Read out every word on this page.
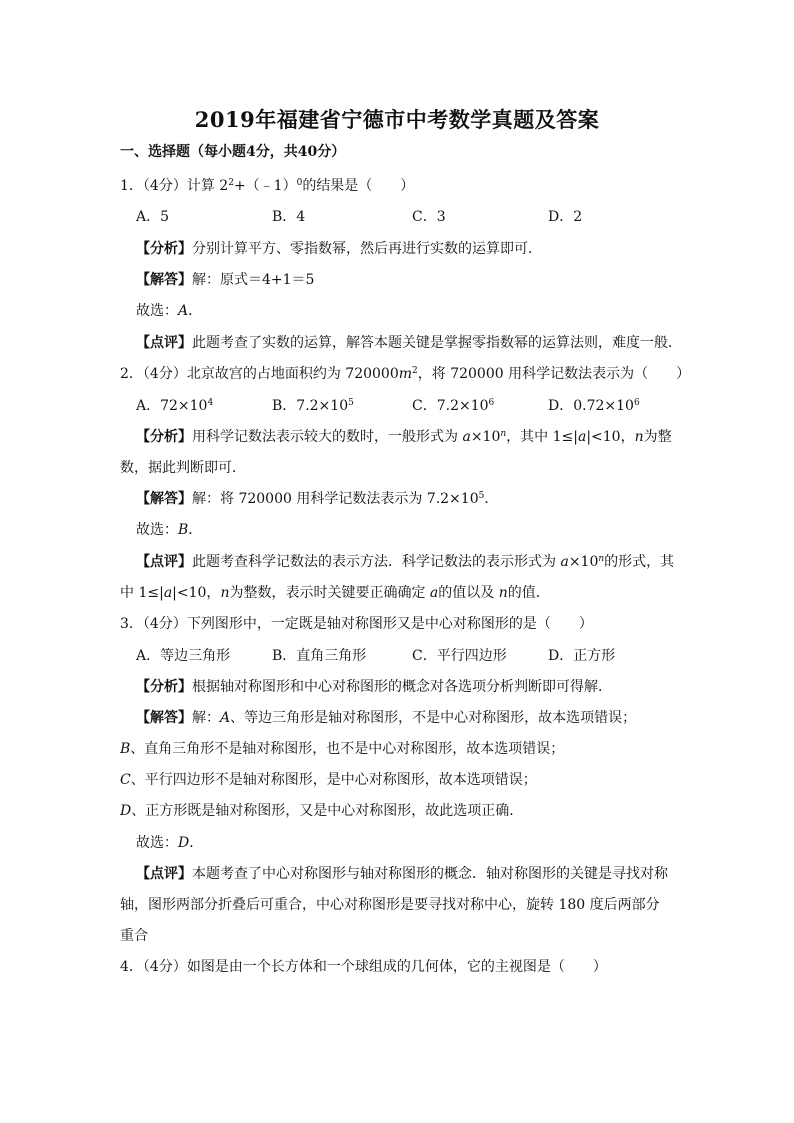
2019年福建省宁德市中考数学真题及答案
一、选择题（每小题4分，共40分）
1．（4分）计算 $2^2+(﹣1)^0$的结果是（　　）
A．5	B．4	C．3	D．2
【分析】分别计算平方、零指数幂，然后再进行实数的运算即可．
【解答】解：原式＝4+1＝5
故选：A．
【点评】此题考查了实数的运算，解答本题关键是掌握零指数幂的运算法则，难度一般．
2．（4分）北京故宫的占地面积约为 $720000m^2$，将 720000 用科学记数法表示为（　　）
A．$72\times 10^4$	B．$7.2\times 10^5$	C．$7.2\times 10^6$	D．$0.72\times 10^6$
【分析】用科学记数法表示较大的数时，一般形式为 $a\times 10^n$，其中 1≤|a|<10，n为整
数，据此判断即可．
【解答】解：将 720000 用科学记数法表示为 $7.2\times 10^5$．
故选：B．
【点评】此题考查科学记数法的表示方法．科学记数法的表示形式为 $a\times 10^n$的形式，其
中 1≤|a|<10，n为整数，表示时关键要正确确定 a的值以及 n的值．
3．（4分）下列图形中，一定既是轴对称图形又是中心对称图形的是（　　）
A．等边三角形	B．直角三角形	C．平行四边形	D．正方形
【分析】根据轴对称图形和中心对称图形的概念对各选项分析判断即可得解．
【解答】解：A、等边三角形是轴对称图形，不是中心对称图形，故本选项错误；
B、直角三角形不是轴对称图形，也不是中心对称图形，故本选项错误；
C、平行四边形不是轴对称图形，是中心对称图形，故本选项错误；
D、正方形既是轴对称图形，又是中心对称图形，故此选项正确．
故选：D．
【点评】本题考查了中心对称图形与轴对称图形的概念．轴对称图形的关键是寻找对称
轴，图形两部分折叠后可重合，中心对称图形是要寻找对称中心，旋转 180 度后两部分
重合
4．（4分）如图是由一个长方体和一个球组成的几何体，它的主视图是（　　）
